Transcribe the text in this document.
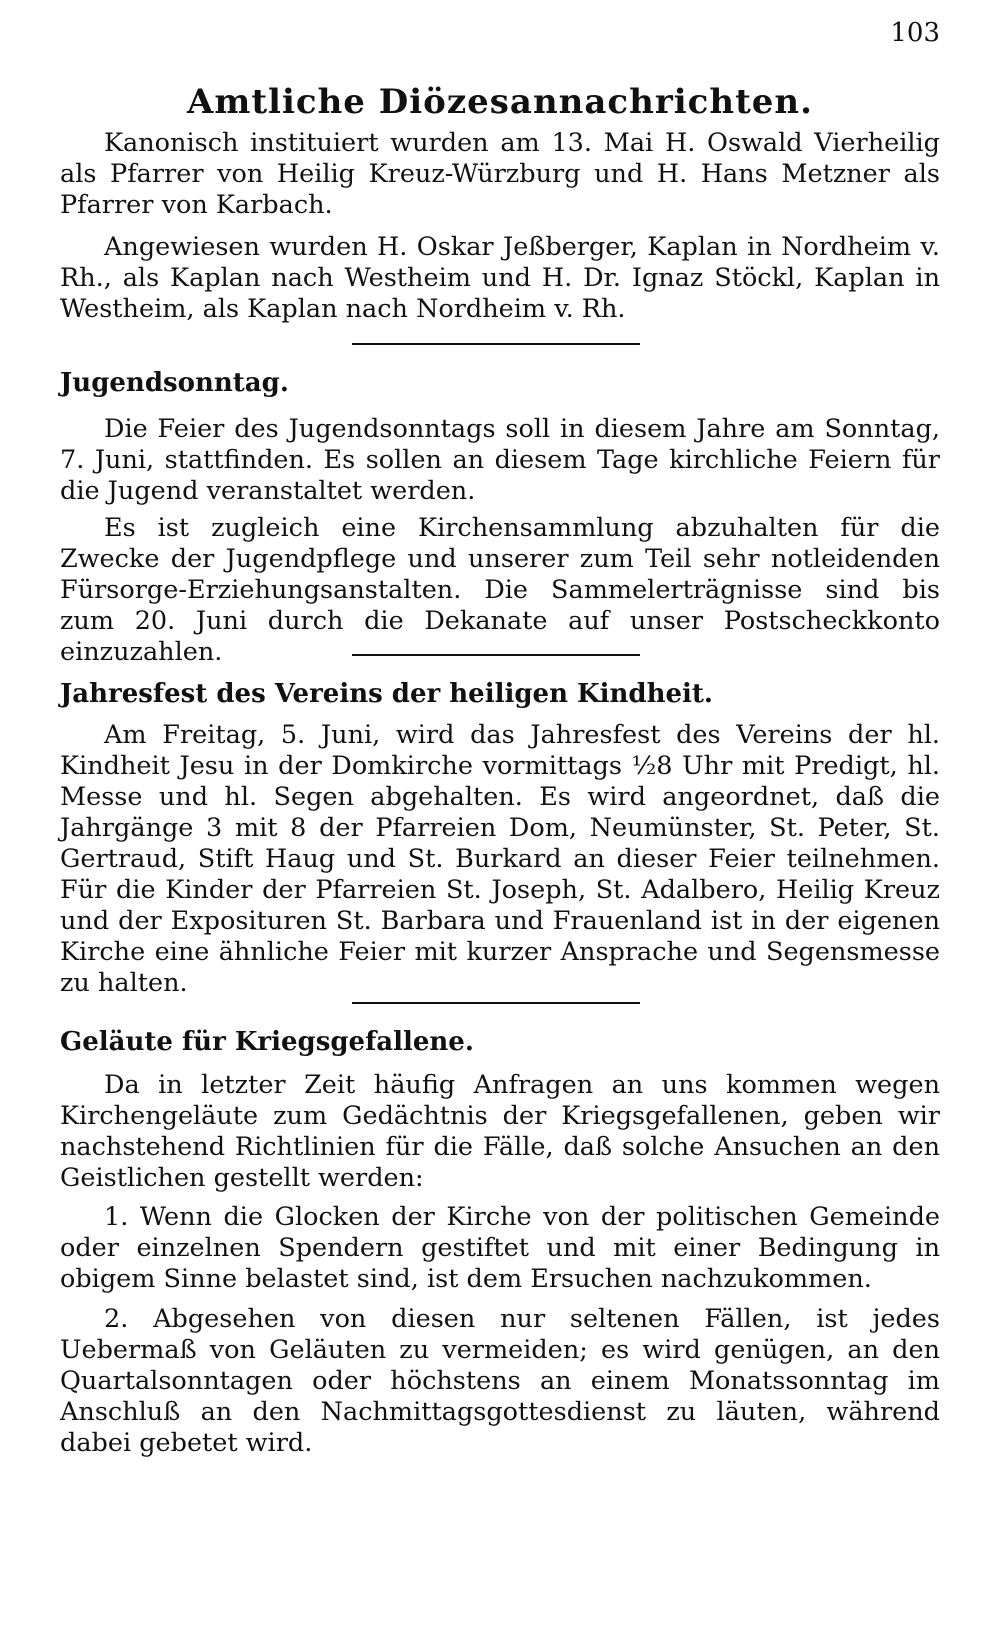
103
Amtliche Diözesannachrichten.

Kanonisch instituiert wurden am 13. Mai H. Oswald Vierheilig als Pfarrer von Heilig Kreuz-Würzburg und H. Hans Metzner als Pfarrer von Karbach.

Angewiesen wurden H. Oskar Jeßberger, Kaplan in Nordheim v. Rh., als Kaplan nach Westheim und H. Dr. Ignaz Stöckl, Kaplan in Westheim, als Kaplan nach Nordheim v. Rh.

Jugendsonntag.

Die Feier des Jugendsonntags soll in diesem Jahre am Sonntag, 7. Juni, stattfinden. Es sollen an diesem Tage kirchliche Feiern für die Jugend veranstaltet werden.

Es ist zugleich eine Kirchensammlung abzuhalten für die Zwecke der Jugendpflege und unserer zum Teil sehr notleidenden Fürsorge-Erziehungsanstalten. Die Sammelerträgnisse sind bis zum 20. Juni durch die Dekanate auf unser Postscheckkonto einzuzahlen.

Jahresfest des Vereins der heiligen Kindheit.

Am Freitag, 5. Juni, wird das Jahresfest des Vereins der hl. Kindheit Jesu in der Domkirche vormittags ½8 Uhr mit Predigt, hl. Messe und hl. Segen abgehalten. Es wird angeordnet, daß die Jahrgänge 3 mit 8 der Pfarreien Dom, Neumünster, St. Peter, St. Gertraud, Stift Haug und St. Burkard an dieser Feier teilnehmen. Für die Kinder der Pfarreien St. Joseph, St. Adalbero, Heilig Kreuz und der Exposituren St. Barbara und Frauenland ist in der eigenen Kirche eine ähnliche Feier mit kurzer Ansprache und Segensmesse zu halten.

Geläute für Kriegsgefallene.

Da in letzter Zeit häufig Anfragen an uns kommen wegen Kirchengeläute zum Gedächtnis der Kriegsgefallenen, geben wir nachstehend Richtlinien für die Fälle, daß solche Ansuchen an den Geistlichen gestellt werden:

1. Wenn die Glocken der Kirche von der politischen Gemeinde oder einzelnen Spendern gestiftet und mit einer Bedingung in obigem Sinne belastet sind, ist dem Ersuchen nachzukommen.

2. Abgesehen von diesen nur seltenen Fällen, ist jedes Uebermaß von Geläuten zu vermeiden; es wird genügen, an den Quartalsonntagen oder höchstens an einem Monatssonntag im Anschluß an den Nachmittagsgottesdienst zu läuten, während dabei gebetet wird.
